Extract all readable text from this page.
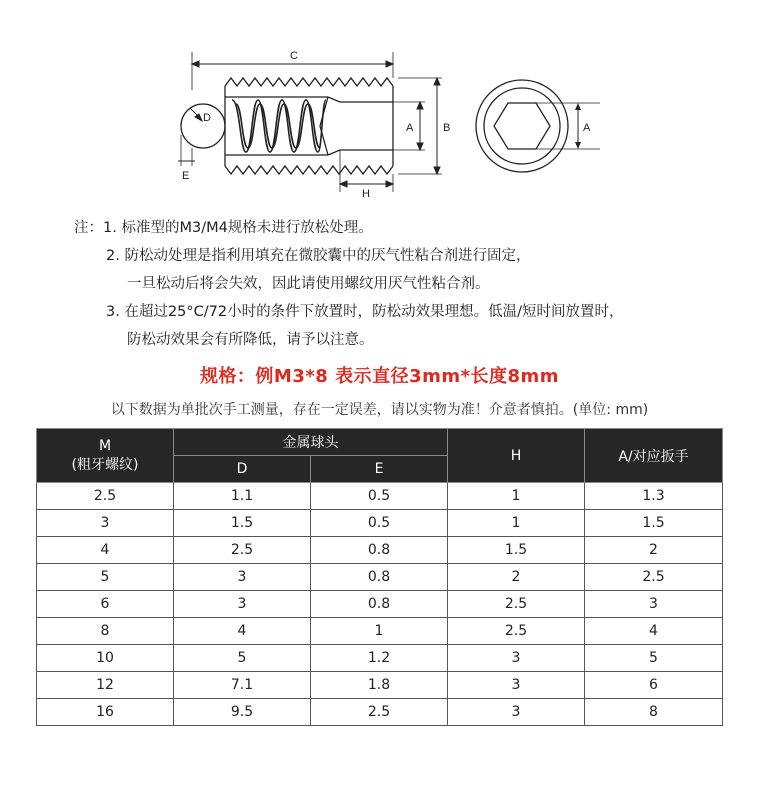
C
D
E
A	B
H
A
注：1. 标准型的M3/M4规格未进行放松处理。
2. 防松动处理是指利用填充在微胶囊中的厌气性粘合剂进行固定，
一旦松动后将会失效，因此请使用螺纹用厌气性粘合剂。
3. 在超过25°C/72小时的条件下放置时，防松动效果理想。低温/短时间放置时，
防松动效果会有所降低，请予以注意。
规格：例M3*8 表示直径3mm*长度8mm
以下数据为单批次手工测量，存在一定误差，请以实物为准！介意者慎拍。(单位: mm)
M
(粗牙螺纹)	金属球头		H	A/对应扳手
	D	E		
2.5	1.1	0.5	1	1.3
3	1.5	0.5	1	1.5
4	2.5	0.8	1.5	2
5	3	0.8	2	2.5
6	3	0.8	2.5	3
8	4	1	2.5	4
10	5	1.2	3	5
12	7.1	1.8	3	6
16	9.5	2.5	3	8
